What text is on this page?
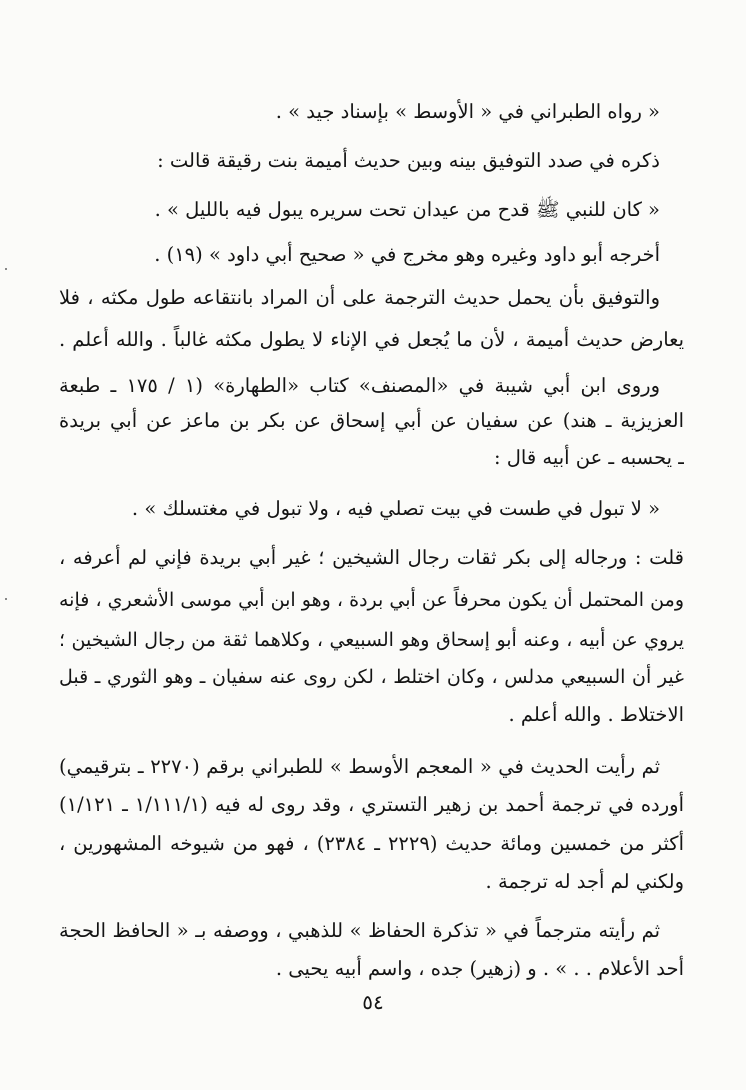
« رواه الطبراني في « الأوسط » بإسناد جيد » .
ذكره في صدد التوفيق بينه وبين حديث أميمة بنت رقيقة قالت :
« كان للنبي ﷺ قدح من عيدان تحت سريره يبول فيه بالليل » .
أخرجه أبو داود وغيره وهو مخرج في « صحيح أبي داود » (١٩) .
والتوفيق بأن يحمل حديث الترجمة على أن المراد بانتقاعه طول مكثه ، فلا
يعارض حديث أميمة ، لأن ما يُجعل في الإناء لا يطول مكثه غالباً . والله أعلم .
وروى ابن أبي شيبة في «المصنف» كتاب «الطهارة» (١ / ١٧٥ ـ طبعة
العزيزية ـ هند) عن سفيان عن أبي إسحاق عن بكر بن ماعز عن أبي بريدة
ـ يحسبه ـ عن أبيه قال :
« لا تبول في طست في بيت تصلي فيه ، ولا تبول في مغتسلك » .
قلت : ورجاله إلى بكر ثقات رجال الشيخين ؛ غير أبي بريدة فإني لم أعرفه ،
ومن المحتمل أن يكون محرفاً عن أبي بردة ، وهو ابن أبي موسى الأشعري ، فإنه
يروي عن أبيه ، وعنه أبو إسحاق وهو السبيعي ، وكلاهما ثقة من رجال الشيخين ؛
غير أن السبيعي مدلس ، وكان اختلط ، لكن روى عنه سفيان ـ وهو الثوري ـ قبل
الاختلاط . والله أعلم .
ثم رأيت الحديث في « المعجم الأوسط » للطبراني برقم (٢٢٧٠ ـ بترقيمي)
أورده في ترجمة أحمد بن زهير التستري ، وقد روى له فيه (١/١١١/١ ـ ١/١٢١)
أكثر من خمسين ومائة حديث (٢٢٢٩ ـ ٢٣٨٤) ، فهو من شيوخه المشهورين ،
ولكني لم أجد له ترجمة .
ثم رأيته مترجماً في « تذكرة الحفاظ » للذهبي ، ووصفه بـ « الحافظ الحجة
أحد الأعلام . . » . و (زهير) جده ، واسم أبيه يحيى .
٥٤
